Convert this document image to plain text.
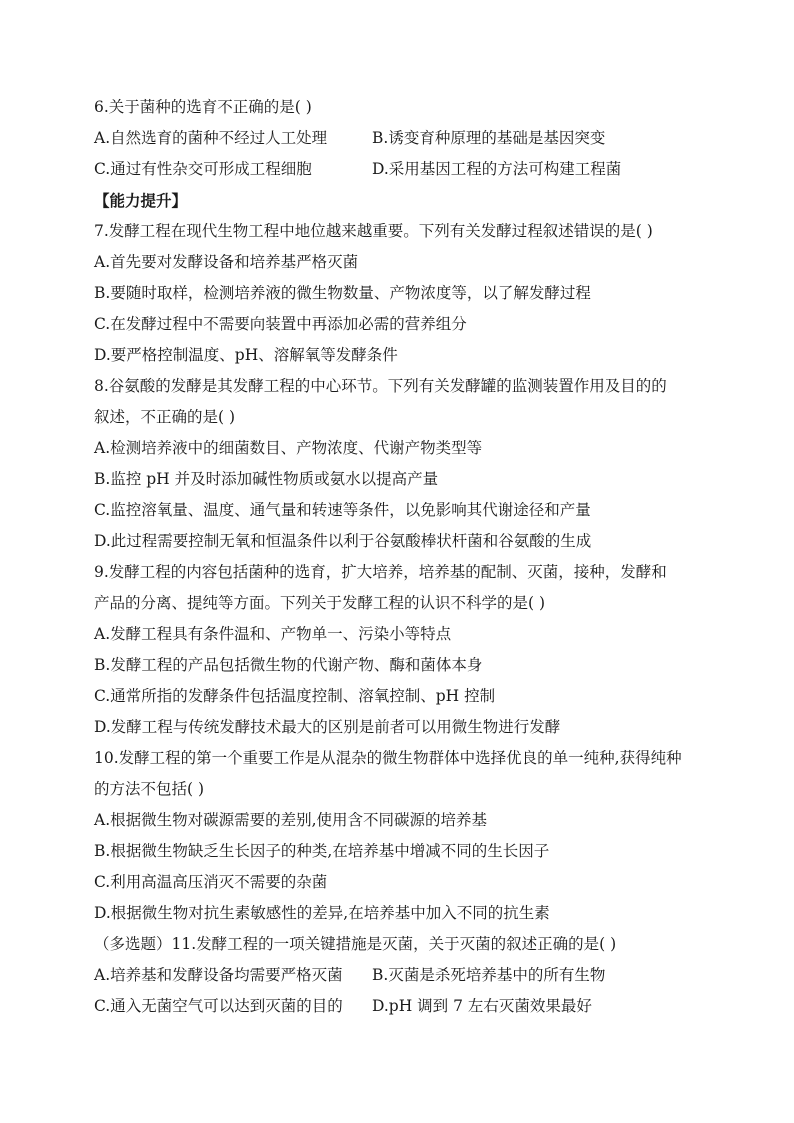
6.关于菌种的选育不正确的是( )
A.自然选育的菌种不经过人工处理	B.诱变育种原理的基础是基因突变
C.通过有性杂交可形成工程细胞	D.采用基因工程的方法可构建工程菌
【能力提升】
7.发酵工程在现代生物工程中地位越来越重要。下列有关发酵过程叙述错误的是( )
A.首先要对发酵设备和培养基严格灭菌
B.要随时取样，检测培养液的微生物数量、产物浓度等，以了解发酵过程
C.在发酵过程中不需要向装置中再添加必需的营养组分
D.要严格控制温度、pH、溶解氧等发酵条件
8.谷氨酸的发酵是其发酵工程的中心环节。下列有关发酵罐的监测装置作用及目的的
叙述，不正确的是( )
A.检测培养液中的细菌数目、产物浓度、代谢产物类型等
B.监控 pH 并及时添加碱性物质或氨水以提高产量
C.监控溶氧量、温度、通气量和转速等条件，以免影响其代谢途径和产量
D.此过程需要控制无氧和恒温条件以利于谷氨酸棒状杆菌和谷氨酸的生成
9.发酵工程的内容包括菌种的选育，扩大培养，培养基的配制、灭菌，接种，发酵和
产品的分离、提纯等方面。下列关于发酵工程的认识不科学的是( )
A.发酵工程具有条件温和、产物单一、污染小等特点
B.发酵工程的产品包括微生物的代谢产物、酶和菌体本身
C.通常所指的发酵条件包括温度控制、溶氧控制、pH 控制
D.发酵工程与传统发酵技术最大的区别是前者可以用微生物进行发酵
10.发酵工程的第一个重要工作是从混杂的微生物群体中选择优良的单一纯种,获得纯种
的方法不包括( )
A.根据微生物对碳源需要的差别,使用含不同碳源的培养基
B.根据微生物缺乏生长因子的种类,在培养基中增减不同的生长因子
C.利用高温高压消灭不需要的杂菌
D.根据微生物对抗生素敏感性的差异,在培养基中加入不同的抗生素
（多选题）11.发酵工程的一项关键措施是灭菌，关于灭菌的叙述正确的是( )
A.培养基和发酵设备均需要严格灭菌	B.灭菌是杀死培养基中的所有生物
C.通入无菌空气可以达到灭菌的目的	D.pH 调到 7 左右灭菌效果最好
